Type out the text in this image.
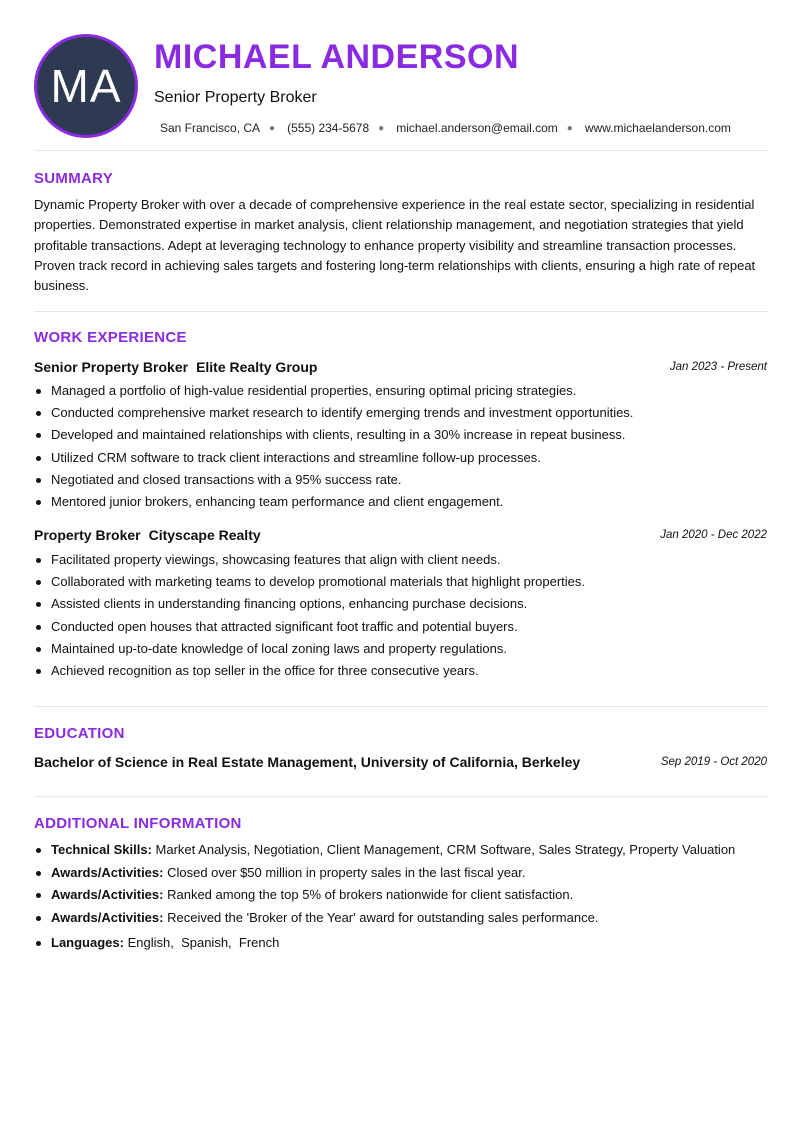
MA
MICHAEL ANDERSON
Senior Property Broker
San Francisco, CA ● (555) 234-5678 ● michael.anderson@email.com ● www.michaelanderson.com
SUMMARY

Dynamic Property Broker with over a decade of comprehensive experience in the real estate sector, specializing in residential properties. Demonstrated expertise in market analysis, client relationship management, and negotiation strategies that yield profitable transactions. Adept at leveraging technology to enhance property visibility and streamline transaction processes. Proven track record in achieving sales targets and fostering long-term relationships with clients, ensuring a high rate of repeat business.

WORK EXPERIENCE
Senior Property Broker Elite Realty Group	Jan 2023 - Present
Managed a portfolio of high-value residential properties, ensuring optimal pricing strategies.
Conducted comprehensive market research to identify emerging trends and investment opportunities.
Developed and maintained relationships with clients, resulting in a 30% increase in repeat business.
Utilized CRM software to track client interactions and streamline follow-up processes.
Negotiated and closed transactions with a 95% success rate.
Mentored junior brokers, enhancing team performance and client engagement.
Property Broker Cityscape Realty	Jan 2020 - Dec 2022
Facilitated property viewings, showcasing features that align with client needs.
Collaborated with marketing teams to develop promotional materials that highlight properties.
Assisted clients in understanding financing options, enhancing purchase decisions.
Conducted open houses that attracted significant foot traffic and potential buyers.
Maintained up-to-date knowledge of local zoning laws and property regulations.
Achieved recognition as top seller in the office for three consecutive years.
EDUCATION
Bachelor of Science in Real Estate Management, University of California, Berkeley	Sep 2019 - Oct 2020
ADDITIONAL INFORMATION
Technical Skills: Market Analysis, Negotiation, Client Management, CRM Software, Sales Strategy, Property Valuation
Awards/Activities: Closed over $50 million in property sales in the last fiscal year.
Awards/Activities: Ranked among the top 5% of brokers nationwide for client satisfaction.
Awards/Activities: Received the 'Broker of the Year' award for outstanding sales performance.
Languages: English,  Spanish,  French
